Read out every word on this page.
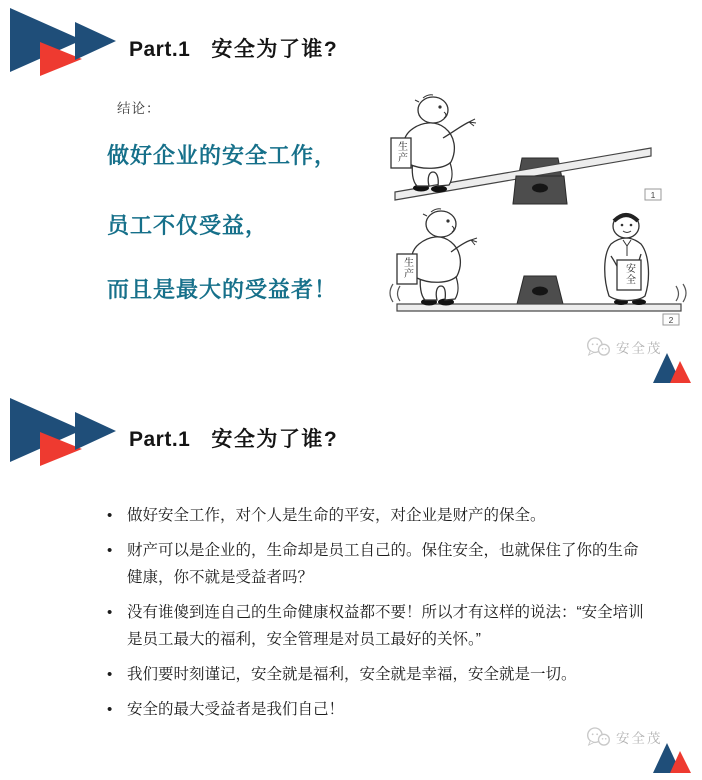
Part.1 安全为了谁?
结论：
做好企业的安全工作，
员工不仅受益，
而且是最大的受益者！
生产
1
生产	安全
2
安全茂
Part.1 安全为了谁?
• 做好安全工作，对个人是生命的平安，对企业是财产的保全。
• 财产可以是企业的，生命却是员工自己的。保住安全，也就保住了你的生命健康，你不就是受益者吗？
• 没有谁傻到连自己的生命健康权益都不要！所以才有这样的说法：“安全培训是员工最大的福利，安全管理是对员工最好的关怀。”
• 我们要时刻谨记，安全就是福利，安全就是幸福，安全就是一切。
• 安全的最大受益者是我们自己！
安全茂
